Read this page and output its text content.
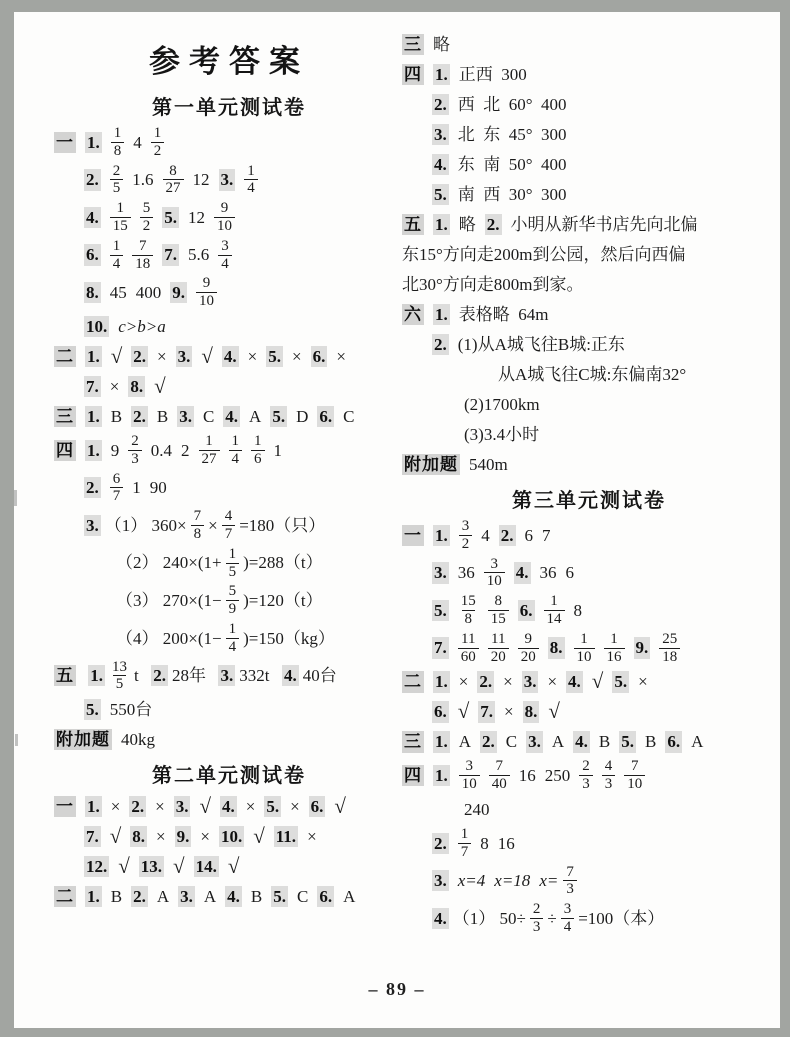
参考答案
第一单元测试卷
一 1. $\frac{1}{8} 4 \frac{1}{2}$
2. $\frac{2}{5} 1.6 \frac{8}{27} 12$ 3. $\frac{1}{4}$
4. $\frac{1}{15} \frac{5}{2} 5$. $12 \frac{9}{10}$
6. $\frac{1}{4} \frac{7}{18} 7$. $5.6 \frac{3}{4}$
8. 45 400 9. $\frac{9}{10}$
10. c>b>a
二 1. √ 2. × 3. √ 4. × 5. × 6. ×
7. × 8. √
三 1. B 2. B 3. C 4. A 5. D 6. C
四 1. $9 \frac{2}{3} 0.4$ $2 \frac{1}{27} \frac{1}{4} \frac{1}{6} 1$
2. $\frac{6}{7} 1$ 90
3. （1） $360\times \frac{7}{8} \times \frac{4}{7} =180$（只）
（2） $240\times(1+ \frac{1}{5} )=288(t)$
（3） $270\times(1- \frac{5}{9} )=120(t)$
（4） $200\times(1- \frac{1}{4} )=150(kg)$
五
1. $\frac{13}{5}$ t 2. 28年 3. 332t 4. 40台
5. 550台
附加题 40kg
第二单元测试卷
一 1. × 2. × 3. √ 4. × 5. × 6. √
7. √ 8. × 9. × 10. √ 11. ×
12. √ 13. √ 14. √
二 1. B 2. A 3. A 4. B 5. C 6. A
三 略
四 1. 正西  300
2. 西  北  60°  400
3. 北  东  45°  300
4. 东  南  50°  400
5. 南  西  30°  300
五 1. 略 2. 小明从新华书店先向北偏
东15°方向走200m到公园，然后向西偏
北30°方向走800m到家。
六 1. 表格略  64m
2. (1)从A城飞往B城:正东
从A城飞往C城:东偏南32°
(2)1700km
(3)3.4小时
附加题 540m
第三单元测试卷
一 1. $\frac{3}{2} 4$ 2. 6 7
3. $36 \frac{3}{10} 4$. 36 6
5. $\frac{15}{8} \frac{8}{15} 6$. $\frac{1}{14} 8$
7. $\frac{11}{60} \frac{11}{20} \frac{9}{20} 8$. $\frac{1}{10} \frac{1}{16} 9$. $\frac{25}{18}$
二 1. × 2. × 3. × 4. √ 5. ×
6. √ 7. × 8. √
三 1. A 2. C 3. A 4. B 5. B 6. A
四 1. $\frac{3}{10} \frac{7}{40} 16$ $250 \frac{2}{3} \frac{4}{3} \frac{7}{10}$
240
2. $\frac{1}{7} 8$ 16
3. x=4 x=18 $x= \frac{7}{3}$
4. （1） $50\div \frac{2}{3} \div \frac{3}{4} =100$（本）
– 89 –
